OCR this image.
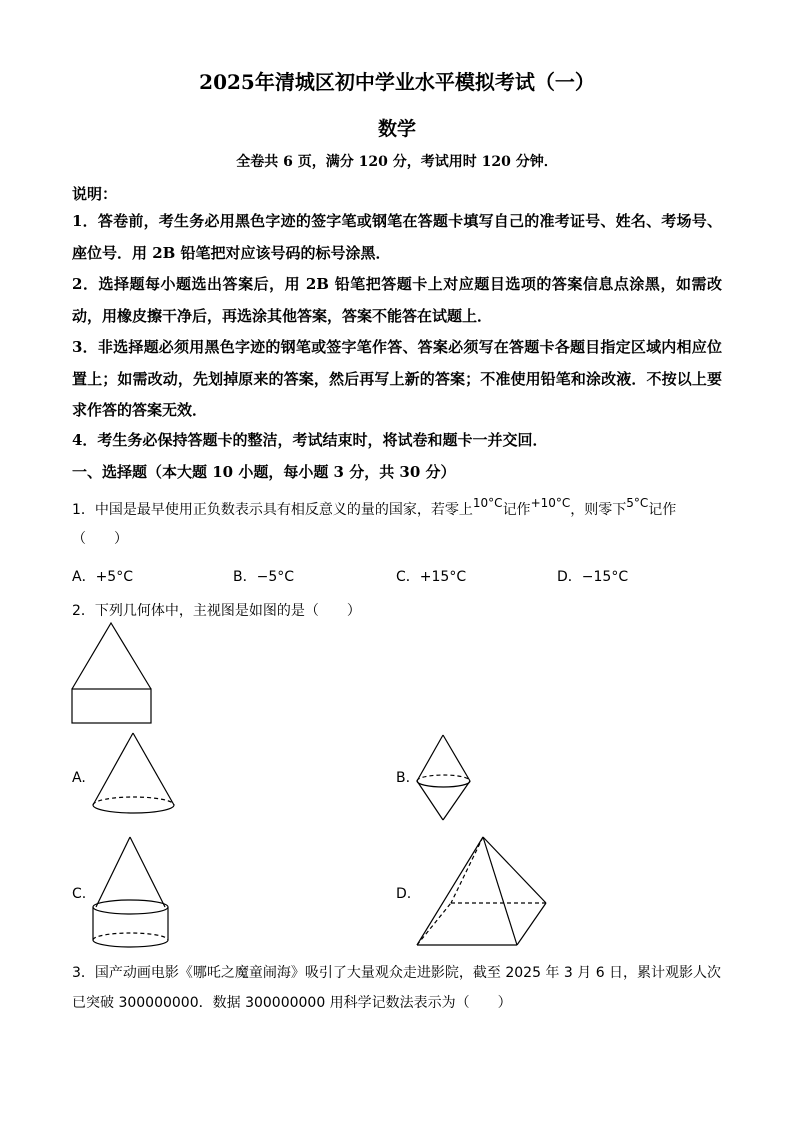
2025年清城区初中学业水平模拟考试（一）
数学
全卷共 6 页，满分 120 分，考试用时 120 分钟．
说明：
1．答卷前，考生务必用黑色字迹的签字笔或钢笔在答题卡填写自己的准考证号、姓名、考场号、座位号．用 2B 铅笔把对应该号码的标号涂黑．
2．选择题每小题选出答案后，用 2B 铅笔把答题卡上对应题目选项的答案信息点涂黑，如需改动，用橡皮擦干净后，再选涂其他答案，答案不能答在试题上．
3．非选择题必须用黑色字迹的钢笔或签字笔作答、答案必须写在答题卡各题目指定区域内相应位置上；如需改动，先划掉原来的答案，然后再写上新的答案；不准使用铅笔和涂改液．不按以上要求作答的答案无效．
4．考生务必保持答题卡的整洁，考试结束时，将试卷和题卡一并交回．
一、选择题（本大题 10 小题，每小题 3 分，共 30 分）
1．中国是最早使用正负数表示具有相反意义的量的国家，若零上10°C记作+10°C，则零下5°C记作
（　　）
A．+5°C	B．−5°C	C．+15°C	D．−15°C
2．下列几何体中，主视图是如图的是（　　）
A.	B.
C.	D.
3．国产动画电影《哪吒之魔童闹海》吸引了大量观众走进影院，截至 2025 年 3 月 6 日，累计观影人次已突破 300000000．数据 300000000 用科学记数法表示为（　　）
